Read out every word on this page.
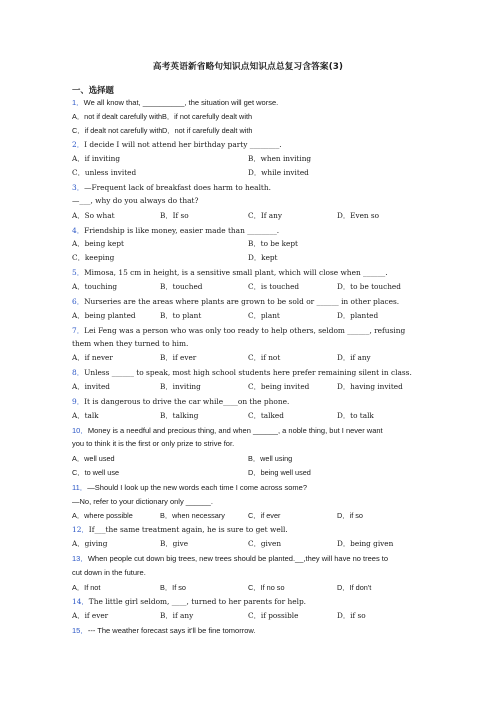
高考英语新省略句知识点知识点总复习含答案(3)
一、选择题
1．We all know that, __________, the situation will get worse.
A．not if dealt carefully with B．if not carefully dealt with
C．if dealt not carefully with D．not if carefully dealt with
2．I decide I will not attend her birthday party ________.
A．if inviting	B．when inviting
C．unless invited	D．while invited
3．—Frequent lack of breakfast does harm to health.
—___, why do you always do that?
A．So what	B．If so	C．If any	D．Even so
4．Friendship is like money, easier made than ________.
A．being kept	B．to be kept
C．keeping	D．kept
5．Mimosa, 15 cm in height, is a sensitive small plant, which will close when ______.
A．touching	B．touched	C．is touched	D．to be touched
6．Nurseries are the areas where plants are grown to be sold or ______ in other places.
A．being planted	B．to plant	C．plant	D．planted
7．Lei Feng was a person who was only too ready to help others, seldom ______, refusing
them when they turned to him.
A．if never	B．if ever	C．if not	D．if any
8．Unless ______ to speak, most high school students here prefer remaining silent in class.
A．invited	B．inviting	C．being invited	D．having invited
9．It is dangerous to drive the car while____on the phone.
A．talk	B．talking	C．talked	D．to talk
10．Money is a needful and precious thing, and when ______, a noble thing, but I never want
you to think it is the first or only prize to strive for.
A．well used	B．well using
C．to well use	D．being well used
11．—Should I look up the new words each time I come across some?
—No, refer to your dictionary only ______.
A．where possible	B．when necessary	C．if ever	D．if so
12．If___the same treatment again, he is sure to get well.
A．giving	B．give	C．given	D．being given
13．When people cut down big trees, new trees should be planted.__,they will have no trees to
cut down in the future.
A．If not	B．If so	C．If no so	D．If don't
14．The little girl seldom, ____, turned to her parents for help.
A．if ever	B．if any	C．if possible	D．if so
15．--- The weather forecast says it'll be fine tomorrow.
